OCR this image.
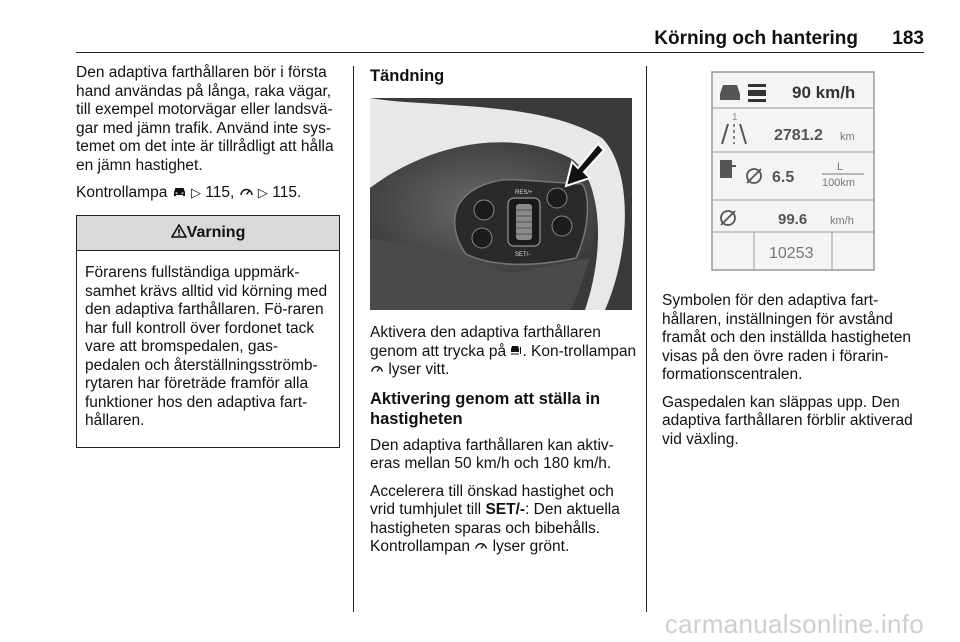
Körning och hantering 183

Den adaptiva farthållaren bör i första hand användas på långa, raka vägar, till exempel motorvägar eller landsvä-gar med jämn trafik. Använd inte sys-temet om det inte är tillrådligt att hålla en jämn hastighet.

Kontrollampa ▷ 115, ▷ 115.

Varning
Förarens fullständiga uppmärk-samhet krävs alltid vid körning med den adaptiva farthållaren. Fö-raren har full kontroll över fordonet tack vare att bromspedalen, gas-pedalen och återställningsströmb-rytaren har företräde framför alla funktioner hos den adaptiva fart-hållaren.
Tändning
RES/+
SET/-

Aktivera den adaptiva farthållaren genom att trycka på . Kon-trollampan  lyser vitt.

Aktivering genom att ställa in hastigheten

Den adaptiva farthållaren kan aktiv-eras mellan 50 km/h och 180 km/h.

Accelerera till önskad hastighet och vrid tumhjulet till SET/-: Den aktuella hastigheten sparas och bibehålls. Kontrollampan lyser grönt.

90 km/h
1
2781.2 km
6.5
L
100km
99.6 km/h
10253

Symbolen för den adaptiva fart-hållaren, inställningen för avstånd framåt och den inställda hastigheten visas på den övre raden i förarin-formationscentralen.

Gaspedalen kan släppas upp. Den adaptiva farthållaren förblir aktiverad vid växling.

carmanualsonline.info
